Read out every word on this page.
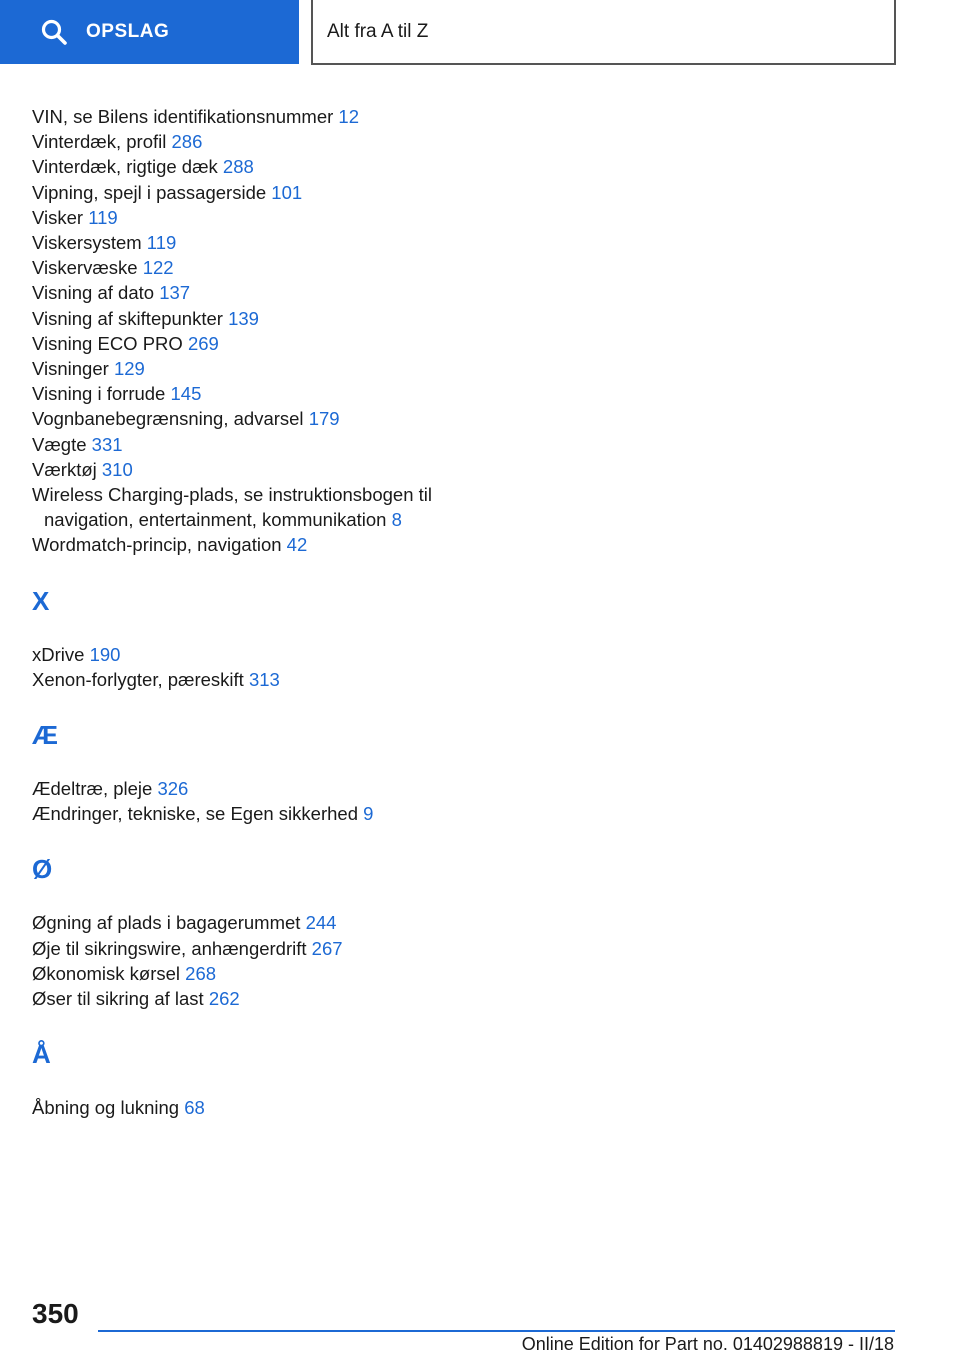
OPSLAG	Alt fra A til Z
VIN, se Bilens identifikationsnummer 12
Vinterdæk, profil 286
Vinterdæk, rigtige dæk 288
Vipning, spejl i passagerside 101
Visker 119
Viskersystem 119
Viskervæske 122
Visning af dato 137
Visning af skiftepunkter 139
Visning ECO PRO 269
Visninger 129
Visning i forrude 145
Vognbanebegrænsning, advarsel 179
Vægte 331
Værktøj 310
Wireless Charging-plads, se instruktionsbogen til
navigation, entertainment, kommunikation 8
Wordmatch-princip, navigation 42
X
xDrive 190
Xenon-forlygter, pæreskift 313
Æ
Ædeltræ, pleje 326
Ændringer, tekniske, se Egen sikkerhed 9
Ø
Øgning af plads i bagagerummet 244
Øje til sikringswire, anhængerdrift 267
Økonomisk kørsel 268
Øser til sikring af last 262
Å
Åbning og lukning 68
350
Online Edition for Part no. 01402988819 - II/18
